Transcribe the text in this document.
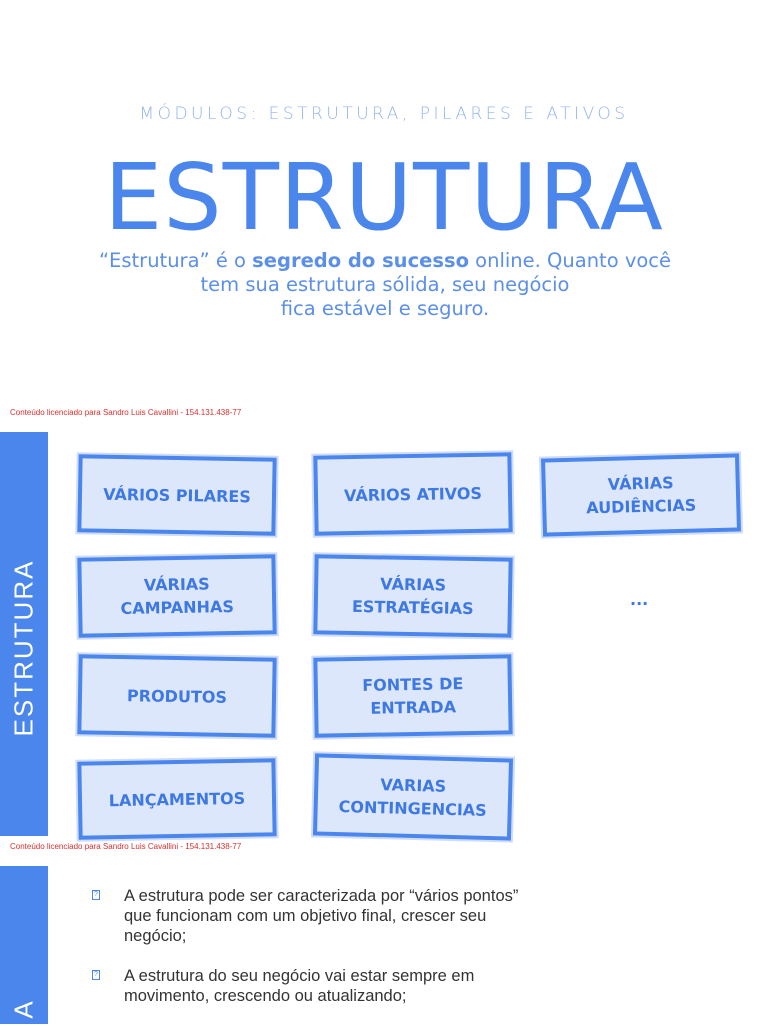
MÓDULOS: ESTRUTURA, PILARES E ATIVOS
ESTRUTURA
“Estrutura” é o segredo do sucesso online. Quanto você
tem sua estrutura sólida, seu negócio
fica estável e seguro.
Conteúdo licenciado para Sandro Luis Cavallini - 154.131.438-77
ESTRUTURA
Conteúdo licenciado para Sandro Luis Cavallini - 154.131.438-77
A
VÁRIOS PILARES	VÁRIOS ATIVOS	VÁRIAS
AUDIÊNCIAS
VÁRIAS
CAMPANHAS
VÁRIAS
ESTRATÉGIAS	...
PRODUTOS
FONTES DE
ENTRADA
LANÇAMENTOS
VARIAS
CONTINGENCIAS
? A estrutura pode ser caracterizada por “vários pontos”
que funcionam com um objetivo final, crescer seu
negócio;
? A estrutura do seu negócio vai estar sempre em
movimento, crescendo ou atualizando;
